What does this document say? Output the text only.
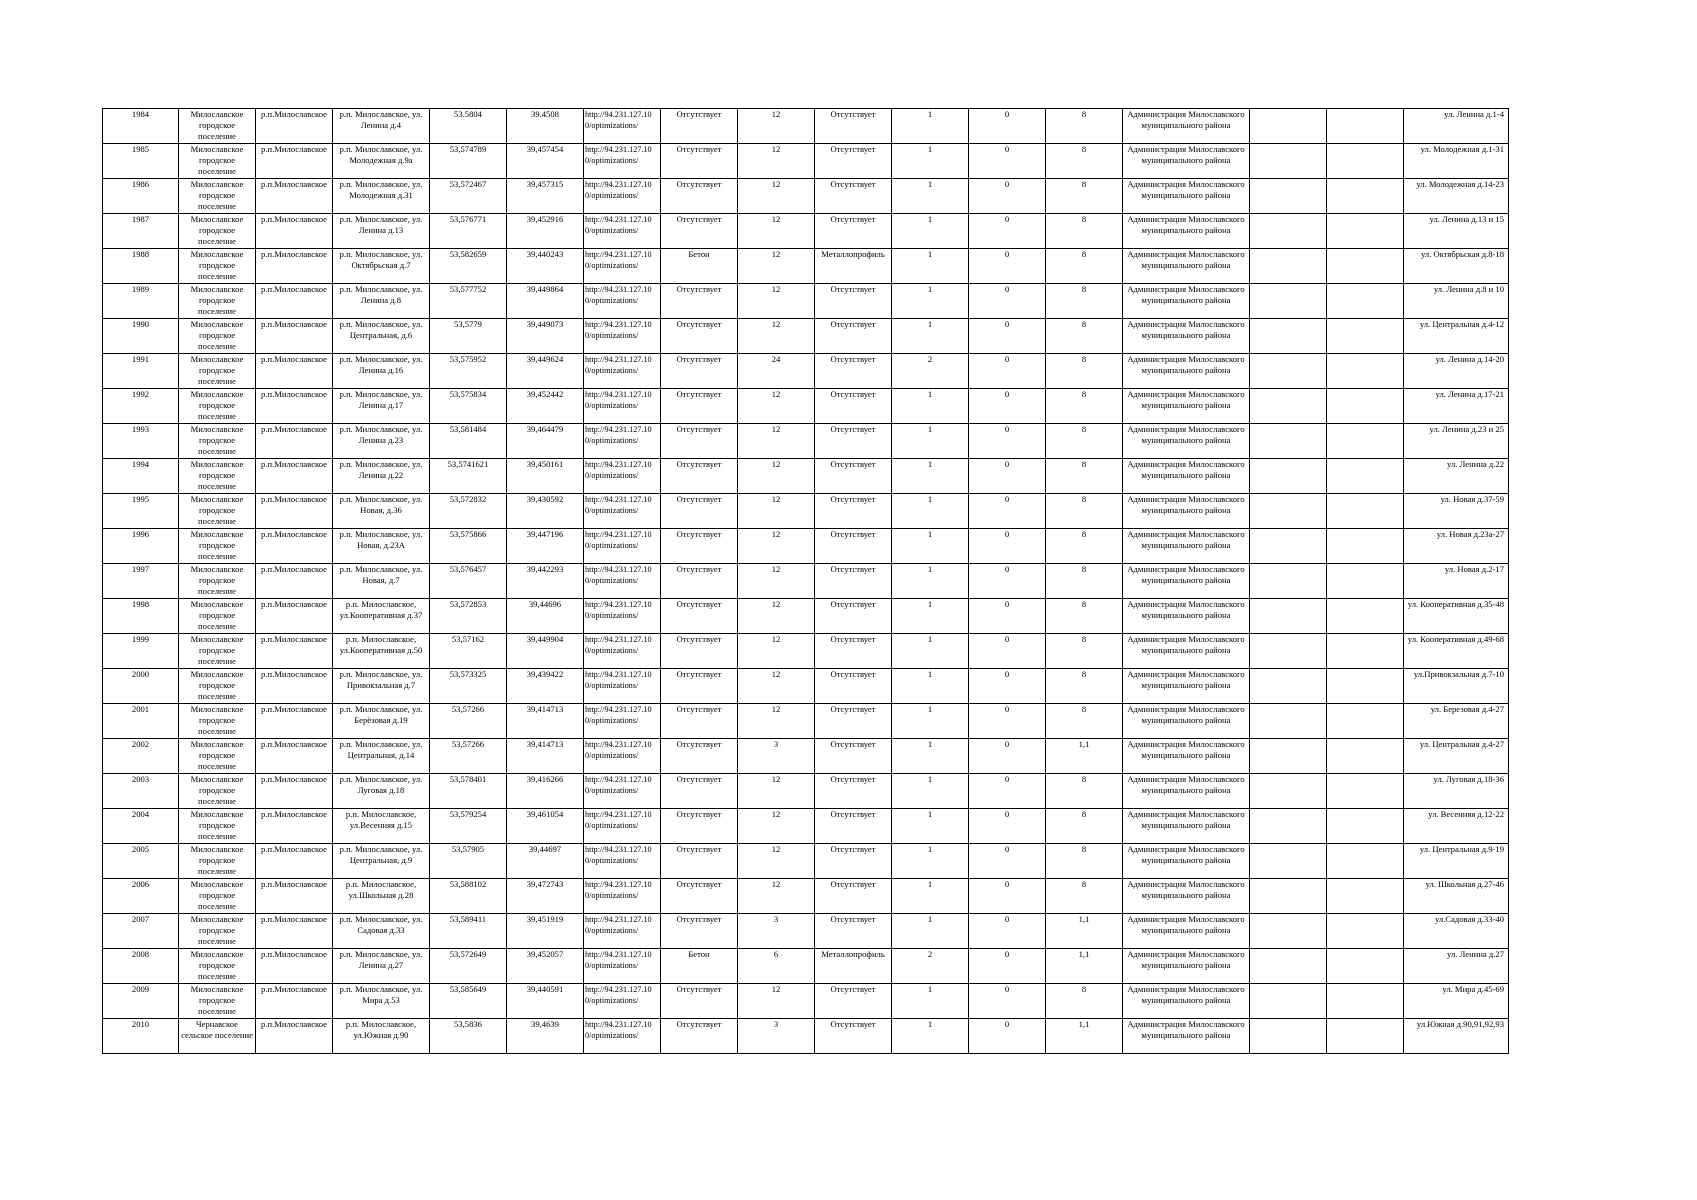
1984	Милославское городское поселение	р.п.Милославское	р.п. Милославское, ул. Ленина д.4	53.5804	39.4508	http://94.231.127.10 0/optimizations/	Отсутствует	12	Отсутствует	1	0	8	Администрация Милославского муниципального района			ул. Ленина д.1-4
1985	Милославское городское поселение	р.п.Милославское	р.п. Милославское, ул. Молодежная д.9а	53,574789	39,457454	http://94.231.127.10 0/optimizations/	Отсутствует	12	Отсутствует	1	0	8	Администрация Милославского муниципального района			ул. Молодежная д.1-31
1986	Милославское городское поселение	р.п.Милославское	р.п. Милославское, ул. Молодежная д.31	53,572467	39,457315	http://94.231.127.10 0/optimizations/	Отсутствует	12	Отсутствует	1	0	8	Администрация Милославского муниципального района			ул. Молодежная д.14-23
1987	Милославское городское поселение	р.п.Милославское	р.п. Милославское, ул. Ленина д.13	53,576771	39,452916	http://94.231.127.10 0/optimizations/	Отсутствует	12	Отсутствует	1	0	8	Администрация Милославского муниципального района			ул. Ленина д.13 и 15
1988	Милославское городское поселение	р.п.Милославское	р.п. Милославское, ул. Октябрьская д.7	53,582659	39,440243	http://94.231.127.10 0/optimizations/	Бетон	12	Металлопрофиль	1	0	8	Администрация Милославского муниципального района			ул. Октябрьская д.8-18
1989	Милославское городское поселение	р.п.Милославское	р.п. Милославское, ул. Ленина д.8	53,577752	39,449864	http://94.231.127.10 0/optimizations/	Отсутствует	12	Отсутствует	1	0	8	Администрация Милославского муниципального района			ул. Ленина д.8 и 10
1990	Милославское городское поселение	р.п.Милославское	р.п. Милославское, ул. Центральная, д.6	53,5779	39,449073	http://94.231.127.10 0/optimizations/	Отсутствует	12	Отсутствует	1	0	8	Администрация Милославского муниципального района			ул. Центральная д.4-12
1991	Милославское городское поселение	р.п.Милославское	р.п. Милославское, ул. Ленина д.16	53,575952	39,449624	http://94.231.127.10 0/optimizations/	Отсутствует	24	Отсутствует	2	0	8	Администрация Милославского муниципального района			ул. Ленина д.14-20
1992	Милославское городское поселение	р.п.Милославское	р.п. Милославское, ул. Ленина д.17	53,575834	39,452442	http://94.231.127.10 0/optimizations/	Отсутствует	12	Отсутствует	1	0	8	Администрация Милославского муниципального района			ул. Ленина д.17-21
1993	Милославское городское поселение	р.п.Милославское	р.п. Милославское, ул. Ленина д.23	53,581484	39,464479	http://94.231.127.10 0/optimizations/	Отсутствует	12	Отсутствует	1	0	8	Администрация Милославского муниципального района			ул. Ленина д.23 и 25
1994	Милославское городское поселение	р.п.Милославское	р.п. Милославское, ул. Ленина д.22	53,5741621	39,450161	http://94.231.127.10 0/optimizations/	Отсутствует	12	Отсутствует	1	0	8	Администрация Милославского муниципального района			ул. Ленина д.22
1995	Милославское городское поселение	р.п.Милославское	р.п. Милославское, ул. Новая, д.36	53,572832	39,430592	http://94.231.127.10 0/optimizations/	Отсутствует	12	Отсутствует	1	0	8	Администрация Милославского муниципального района			ул. Новая д.37-59
1996	Милославское городское поселение	р.п.Милославское	р.п. Милославское, ул. Новая, д.23А	53,575866	39,447196	http://94.231.127.10 0/optimizations/	Отсутствует	12	Отсутствует	1	0	8	Администрация Милославского муниципального района			ул. Новая д.23а-27
1997	Милославское городское поселение	р.п.Милославское	р.п. Милославское, ул. Новая, д.7	53,576457	39,442293	http://94.231.127.10 0/optimizations/	Отсутствует	12	Отсутствует	1	0	8	Администрация Милославского муниципального района			ул. Новая д.2-17
1998	Милославское городское поселение	р.п.Милославское	р.п. Милославское, ул.Кооперативная д.37	53,572853	39,44696	http://94.231.127.10 0/optimizations/	Отсутствует	12	Отсутствует	1	0	8	Администрация Милославского муниципального района			ул. Кооперативная д.35-48
1999	Милославское городское поселение	р.п.Милославское	р.п. Милославское, ул.Кооперативная д.50	53,57162	39,449904	http://94.231.127.10 0/optimizations/	Отсутствует	12	Отсутствует	1	0	8	Администрация Милославского муниципального района			ул. Кооперативная д.49-68
2000	Милославское городское поселение	р.п.Милославское	р.п. Милославское, ул. Привокзальная д.7	53,573325	39,439422	http://94.231.127.10 0/optimizations/	Отсутствует	12	Отсутствует	1	0	8	Администрация Милославского муниципального района			ул.Привокзальная д.7-10
2001	Милославское городское поселение	р.п.Милославское	р.п. Милославское, ул. Берёзовая д.19	53,57266	39,414713	http://94.231.127.10 0/optimizations/	Отсутствует	12	Отсутствует	1	0	8	Администрация Милославского муниципального района			ул. Березовая д.4-27
2002	Милославское городское поселение	р.п.Милославское	р.п. Милославское, ул. Центральная, д.14	53,57266	39,414713	http://94.231.127.10 0/optimizations/	Отсутствует	3	Отсутствует	1	0	1,1	Администрация Милославского муниципального района			ул. Центральная д.4-27
2003	Милославское городское поселение	р.п.Милославское	р.п. Милославское, ул. Луговая д.18	53,578401	39,416266	http://94.231.127.10 0/optimizations/	Отсутствует	12	Отсутствует	1	0	8	Администрация Милославского муниципального района			ул. Луговая д.18-36
2004	Милославское городское поселение	р.п.Милославское	р.п. Милославское, ул.Весенняя д.15	53,579254	39,461054	http://94.231.127.10 0/optimizations/	Отсутствует	12	Отсутствует	1	0	8	Администрация Милославского муниципального района			ул. Весенняя д.12-22
2005	Милославское городское поселение	р.п.Милославское	р.п. Милославское, ул. Центральная, д.9	53,57905	39,44697	http://94.231.127.10 0/optimizations/	Отсутствует	12	Отсутствует	1	0	8	Администрация Милославского муниципального района			ул. Центральная д.9-19
2006	Милославское городское поселение	р.п.Милославское	р.п. Милославское, ул.Школьная д.28	53,588102	39,472743	http://94.231.127.10 0/optimizations/	Отсутствует	12	Отсутствует	1	0	8	Администрация Милославского муниципального района			ул. Школьная д.27-46
2007	Милославское городское поселение	р.п.Милославское	р.п. Милославское, ул. Садовая д.33	53,589411	39,451919	http://94.231.127.10 0/optimizations/	Отсутствует	3	Отсутствует	1	0	1,1	Администрация Милославского муниципального района			ул.Садовая д.33-40
2008	Милославское городское поселение	р.п.Милославское	р.п. Милославское, ул. Ленина д.27	53,572649	39,452057	http://94.231.127.10 0/optimizations/	Бетон	6	Металлопрофиль	2	0	1,1	Администрация Милославского муниципального района			ул. Ленина д.27
2009	Милославское городское поселение	р.п.Милославское	р.п. Милославское, ул. Мира д.53	53,585649	39,440591	http://94.231.127.10 0/optimizations/	Отсутствует	12	Отсутствует	1	0	8	Администрация Милославского муниципального района			ул. Мира д.45-69
2010	Чернавское сельское поселение	р.п.Милославское	р.п. Милославское, ул.Южная д.90	53,5836	39,4639	http://94.231.127.10 0/optimizations/	Отсутствует	3	Отсутствует	1	0	1,1	Администрация Милославского муниципального района			ул.Южная д.90,91,92,93
